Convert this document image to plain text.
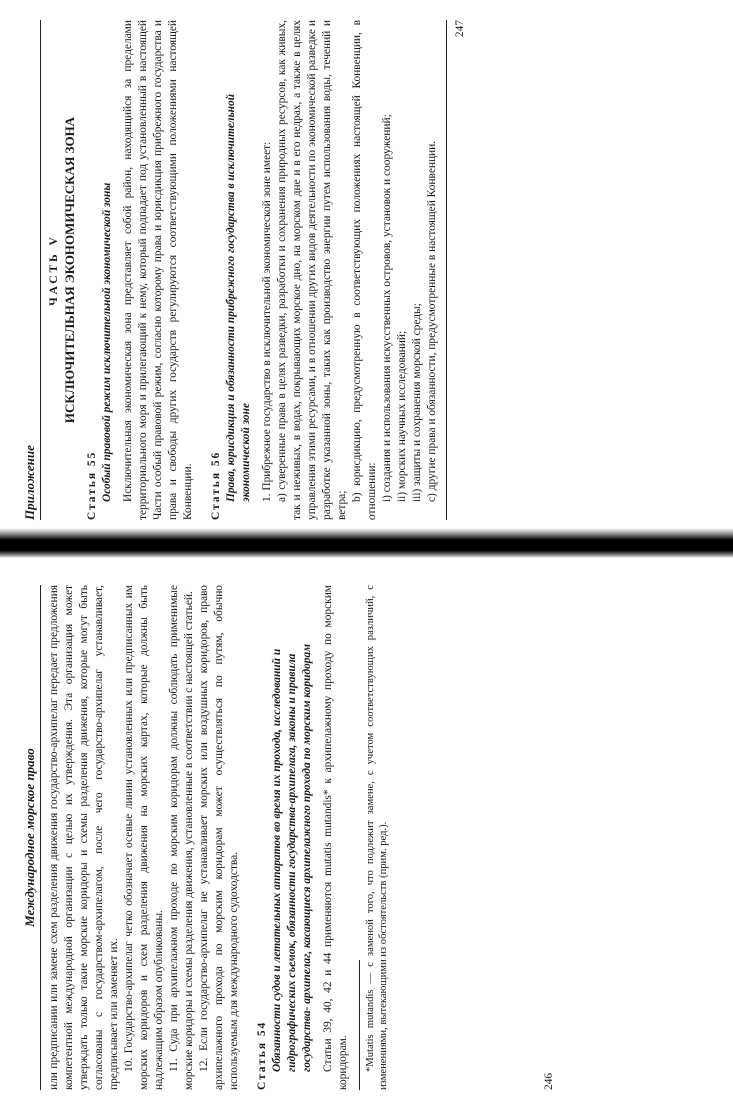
Приложение
ЧАСТЬ V ИСКЛЮЧИТЕЛЬНАЯ ЭКОНОМИЧЕСКАЯ ЗОНА
Статья 55 Особый правовой режим исключительной экономической зоны Исключительная экономическая зона представляет собой район, находящийся за пределами территориального моря и прилегающий к нему, который подпадает под установленный в настоящей Части особый правовой режим, согласно которому права и юрисдикция прибрежного государства и права и свободы других государств регулируются соответствующими положениями настоящей Конвенции. Статья 56 Права, юрисдикция и обязанности прибрежного государства в исключительной экономической зоне 1. Прибрежное государство в исключительной экономической зоне имеет: a) суверенные права в целях разведки, разработки и сохранения природных ресурсов, как живых, так и неживых, в водах, покрывающих морское дно, на морском дне и в его недрах, а также в целях управления этими ресурсами, и в отношении других видов деятельности по экономической разведке и разработке указанной зоны, таких как производство энергии путем использования воды, течений и ветра;

b) юрисдикцию, предусмотренную в соответствующих положениях настоящей Конвенции, в отношении: i) создания и использования искусственных островов, установок и сооружений; ii) морских научных исследований; iii) защиты и сохранения морской среды; c) другие права и обязанности, предусмотренные в настоящей Конвенции.

247
Международное морское право или предписании или замене схем разделения движения государство-архипелаг передает предложения компетентной международной организации с целью их утверждения. Эта организация может утверждать только такие морские коридоры и схемы разделения движения, которые могут быть согласованы с государством-архипелагом, после чего государство-архипелаг устанавливает, предписывает или заменяет их. 10. Государство-архипелаг четко обозначает осевые линии установленных или предписанных им морских коридоров и схем разделения движения на морских картах, которые должны быть надлежащим образом опубликованы. 11. Суда при архипелажном проходе по морским коридорам должны соблюдать применимые морские коридоры и схемы разделения движения, установленные в соответствии с настоящей статьей. 12. Если государство-архипелаг не устанавливает морских или воздушных коридоров, право архипелажного прохода по морским коридорам может осуществляться по путям, обычно используемым для международного судоходства. Статья 54 Обязанности судов и летательных аппаратов во время их прохода, исследований и гидрографических съемок, обязанности государства-архипелага, законы и правила государства- архипелаг, касающиеся архипелажного прохода по морским коридорам Статьи 39, 40, 42 и 44 применяются mutatis mutandis* к архипелажному проходу по морским коридорам. *Mutatis mutandis — с заменой того, что подлежит замене, с учетом соответствующих различий, с изменениями, вытекающими из обстоятельств (прим. ред.).	246
